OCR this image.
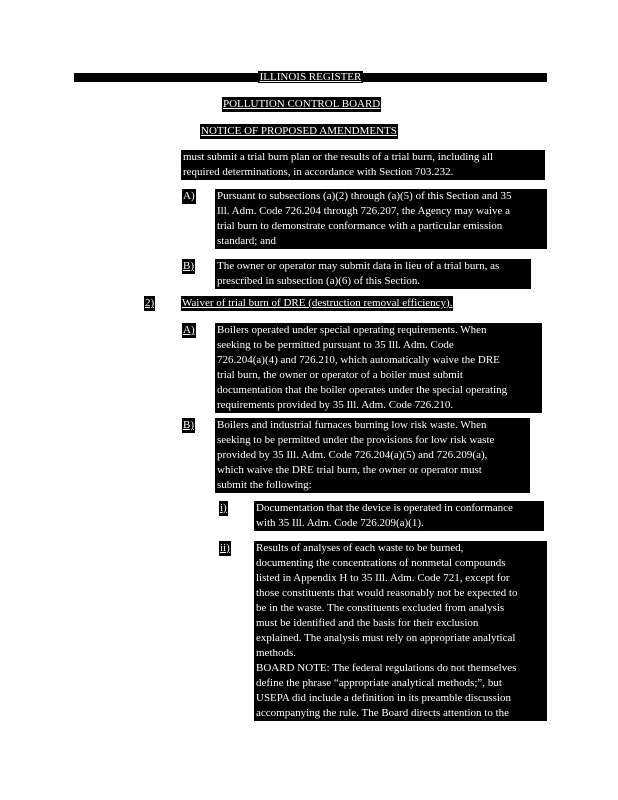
ILLINOIS REGISTER
POLLUTION CONTROL BOARD
NOTICE OF PROPOSED AMENDMENTS
must submit a trial burn plan or the results of a trial burn, including all
required determinations, in accordance with Section 703.232.
A) Pursuant to subsections (a)(2) through (a)(5) of this Section and 35
Ill. Adm. Code 726.204 through 726.207, the Agency may waive a
trial burn to demonstrate conformance with a particular emission
standard; and
B) The owner or operator may submit data in lieu of a trial burn, as
prescribed in subsection (a)(6) of this Section.
2)	Waiver of trial burn of DRE (destruction removal efficiency).
A) Boilers operated under special operating requirements. When
seeking to be permitted pursuant to 35 Ill. Adm. Code
726.204(a)(4) and 726.210, which automatically waive the DRE
trial burn, the owner or operator of a boiler must submit
documentation that the boiler operates under the special operating
requirements provided by 35 Ill. Adm. Code 726.210.
B) Boilers and industrial furnaces burning low risk waste. When
seeking to be permitted under the provisions for low risk waste
provided by 35 Ill. Adm. Code 726.204(a)(5) and 726.209(a),
which waive the DRE trial burn, the owner or operator must
submit the following:
i)	Documentation that the device is operated in conformance
with 35 Ill. Adm. Code 726.209(a)(1).
ii) Results of analyses of each waste to be burned,
documenting the concentrations of nonmetal compounds
listed in Appendix H to 35 Ill. Adm. Code 721, except for
those constituents that would reasonably not be expected to
be in the waste. The constituents excluded from analysis
must be identified and the basis for their exclusion
explained. The analysis must rely on appropriate analytical
methods.
BOARD NOTE: The federal regulations do not themselves
define the phrase “appropriate analytical methods;”, but
USEPA did include a definition in its preamble discussion
accompanying the rule. The Board directs attention to the
